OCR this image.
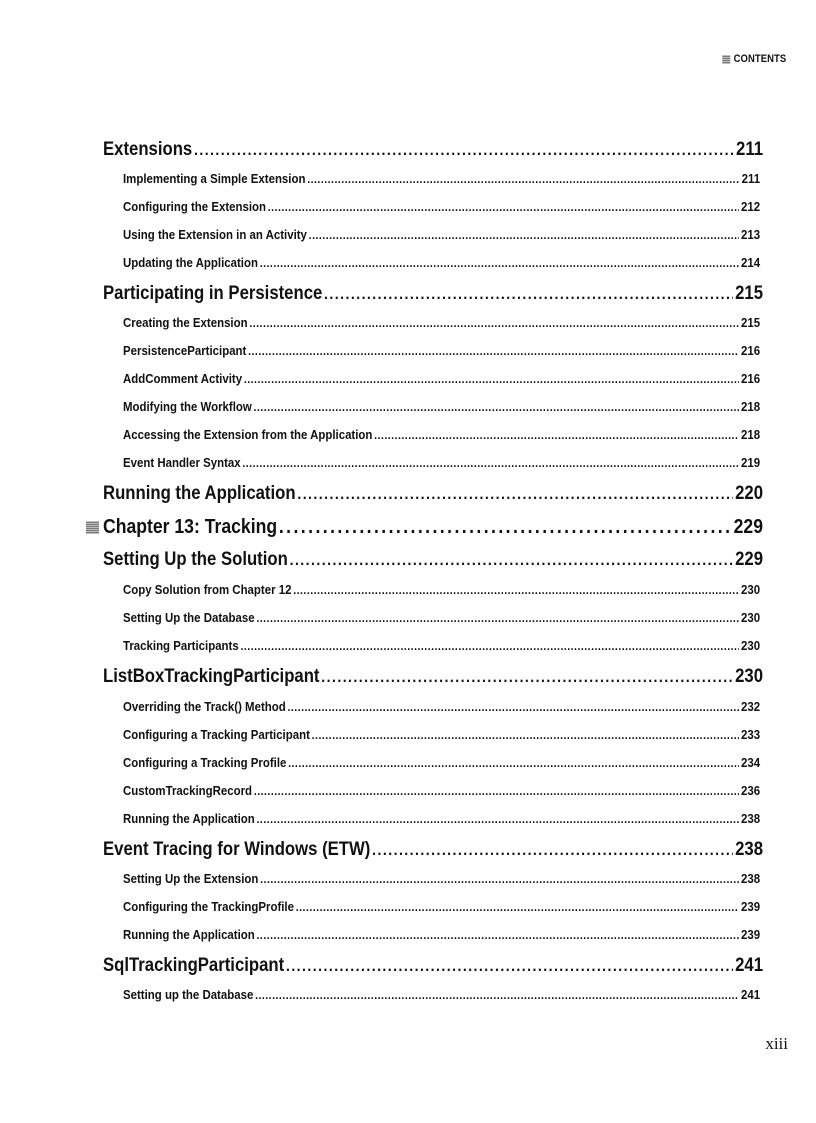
CONTENTS
Extensions . . .	211
Implementing a Simple Extension . . .	211
Configuring the Extension . . .	212
Using the Extension in an Activity . . .	213
Updating the Application . . .	214
Participating in Persistence . . .	215
Creating the Extension . . .	215
PersistenceParticipant . . .	216
AddComment Activity . . .	216
Modifying the Workflow . . .	218
Accessing the Extension from the Application . . .	218
Event Handler Syntax . . .	219
Running the Application . . .	220
Chapter 13: Tracking . . .	229
Setting Up the Solution . . .	229
Copy Solution from Chapter 12 . . .	230
Setting Up the Database . . .	230
Tracking Participants . . .	230
ListBoxTrackingParticipant . . .	230
Overriding the Track() Method . . .	232
Configuring a Tracking Participant . . .	233
Configuring a Tracking Profile . . .	234
CustomTrackingRecord . . .	236
Running the Application . . .	238
Event Tracing for Windows (ETW) . . .	238
Setting Up the Extension . . .	238
Configuring the TrackingProfile . . .	239
Running the Application . . .	239
SqlTrackingParticipant . . .	241
Setting up the Database . . .	241
xiii
